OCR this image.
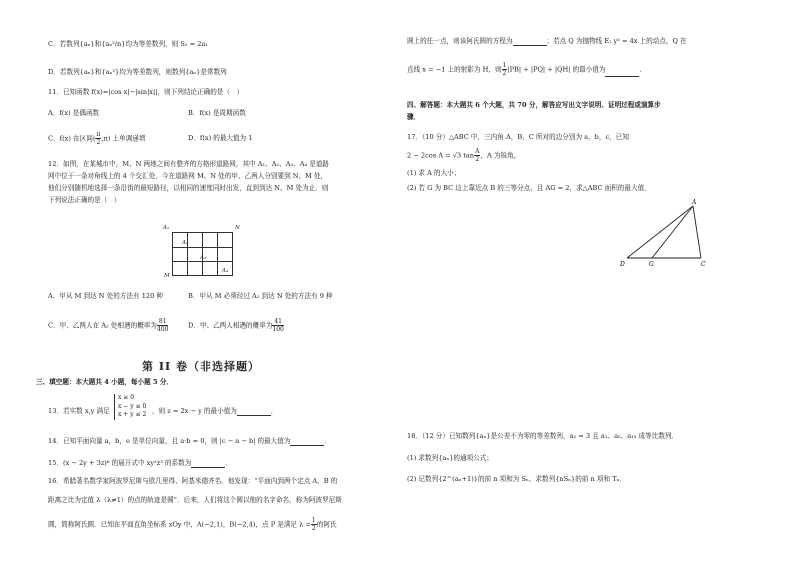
C．若数列{aₙ}和{aₙ²/n}均为等差数列，则 S₂ = 2a₁
D．若数列{aₙ}和{aₙ²}均为等差数列，则数列{aₙ}是常数列
11．已知函数 f(x)=|cos x|−|sin|x||，则下列结论正确的是（　）
A．f(x) 是偶函数	B．f(x) 是周期函数
C．f(x) 在区间( $\frac{\pi}{2} ,\pi$) 上单调递增	D．f(x) 的最大值为 1
12．如图，在某城市中，M、N 两地之间有整齐的方格形道路网，其中 A₁、A₂、A₃、A₄ 是道路
网中位于一条对角线上的 4 个交汇处，今在道路网 M、N 处的甲、乙两人分别要到 N、M 处，
他们分别随机地选择一条沿街的最短路径，以相同的速度同时出发，直到到达 N、M 处为止．则
下列说法正确的是（　）
A₁	N
A₂
A₃
A₄
M
A．甲从 M 到达 N 处的方法有 120 种	B．甲从 M 必须经过 A₂ 到达 N 处的方法有 9 种
C．甲、乙两人在 A₂ 处相遇的概率为 $\frac{81}{400}$	D．甲、乙两人相遇的概率为 $\frac{41}{100}$
第 II 卷（非选择题）
三、填空题：本大题共 4 小题，每小题 5 分．
13．若实数 x,y 满足
x ≥ 0
x − y ≤ 0
x + y ≤ 2 ，则 z = 2x − y 的最小值为	．
14．已知平面向量 a，b，e 是单位向量，且 a·b = 0，则 |c − a − b| 的最大值为	．
15．(x − 2y + 3z)⁶ 的展开式中 xy²z³ 的系数为	．
16．希腊著名数学家阿波罗尼斯与欧几里得、阿基米德齐名．他发现：“平面内到两个定点 A，B 的
距离之比为定值 λ（λ≠1）的点的轨迹是圆”．后来，人们将这个圆以他的名字命名，称为阿波罗尼斯
圆，简称阿氏圆．已知在平面直角坐标系 xOy 中，A(−2,1)，B(−2,4)，点 P 是满足 $\lambda = \frac{1}{2}$ 的阿氏
圆上的任一点，则该阿氏圆的方程为	；若点 Q 为抛物线 E: y² = 4x 上的动点，Q 在
直线 x = −1 上的射影为 H，则 $\frac{1}{2} |PB| + |PQ| + |QH|$ 的最小值为	．
四、解答题：本大题共 6 个大题，共 70 分，解答应写出文字说明、证明过程或演算步
骤．
17．（10 分）△ABC 中，三内角 A，B，C 所对的边分别为 a，b，c，已知
2 − 2cos A = √3 $\tan \frac{A}{2}$ ，A 为锐角，
(1) 求 A 的大小；
(2) 若 G 为 BC 边上靠近点 B 的三等分点，且 AG = 2，求△ABC 面积的最大值．
A
D	G	C
18．（12 分）已知数列{aₙ}是公差不为零的等差数列，a₂ = 3 且 a₁、a₅、a₁₃ 成等比数列．
(1) 求数列{aₙ}的通项公式；
(2) 记数列{2^(aₙ+1)}的前 n 项和为 Sₙ，求数列{nSₙ}的前 n 项和 Tₙ．
